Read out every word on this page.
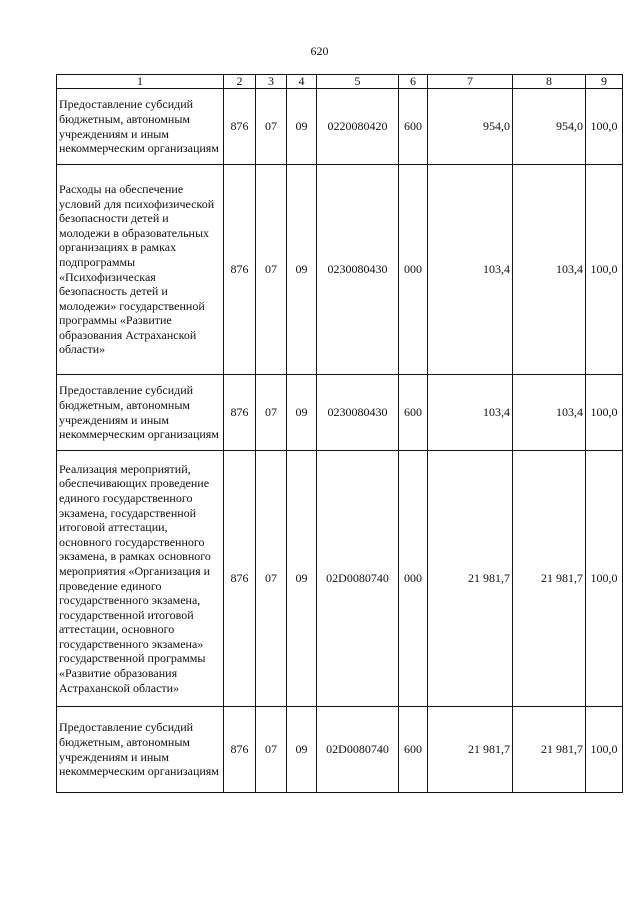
620
1	2	3	4	5	6	7	8	9
Предоставление субсидий бюджетным, автономным учреждениям и иным некоммерческим организациям	876	07	09	0220080420	600	954,0	954,0	100,0
Расходы на обеспечение условий для психофизической безопасности детей и молодежи в образовательных организациях в рамках подпрограммы «Психофизическая безопасность детей и молодежи» государственной программы «Развитие образования Астраханской области»	876	07	09	0230080430	000	103,4	103,4	100,0
Предоставление субсидий бюджетным, автономным учреждениям и иным некоммерческим организациям	876	07	09	0230080430	600	103,4	103,4	100,0
Реализация мероприятий, обеспечивающих проведение единого государственного экзамена, государственной итоговой аттестации, основного государственного экзамена, в рамках основного мероприятия «Организация и проведение единого государственного экзамена, государственной итоговой аттестации, основного государственного экзамена» государственной программы «Развитие образования Астраханской области»	876	07	09	02D0080740	000	21 981,7	21 981,7	100,0
Предоставление субсидий бюджетным, автономным учреждениям и иным некоммерческим организациям	876	07	09	02D0080740	600	21 981,7	21 981,7	100,0
